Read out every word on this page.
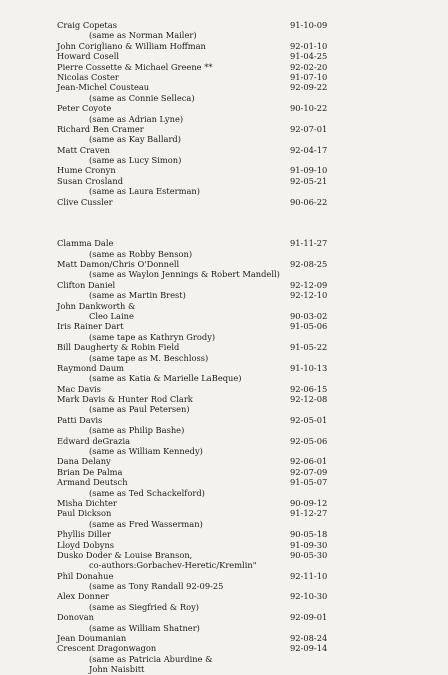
Craig Copetas	91-10-09
(same as Norman Mailer)
John Corigliano & William Hoffman	92-01-10
Howard Cosell	91-04-25
Pierre Cossette & Michael Greene **	92-02-20
Nicolas Coster	91-07-10
Jean-Michel Cousteau	92-09-22
(same as Connie Selleca)
Peter Coyote	90-10-22
(same as Adrian Lyne)
Richard Ben Cramer	92-07-01
(same as Kay Ballard)
Matt Craven	92-04-17
(same as Lucy Simon)
Hume Cronyn	91-09-10
Susan Crosland	92-05-21
(same as Laura Esterman)
Clive Cussler	90-06-22
Clamma Dale	91-11-27
(same as Robby Benson)
Matt Damon/Chris O'Donnell	92-08-25
(same as Waylon Jennings & Robert Mandell)
Clifton Daniel	92-12-09
(same as Martin Brest)	92-12-10
John Dankworth &
Cleo Laine	90-03-02
Iris Rainer Dart	91-05-06
(same tape as Kathryn Grody)
Bill Daugherty & Robin Field	91-05-22
(same tape as M. Beschloss)
Raymond Daum	91-10-13
(same as Katia & Marielle LaBeque)
Mac Davis	92-06-15
Mark Davis & Hunter Rod Clark	92-12-08
(same as Paul Petersen)
Patti Davis	92-05-01
(same as Philip Bashe)
Edward deGrazia	92-05-06
(same as William Kennedy)
Dana Delany	92-06-01
Brian De Palma	92-07-09
Armand Deutsch	91-05-07
(same as Ted Schackelford)
Misha Dichter	90-09-12
Paul Dickson	91-12-27
(same as Fred Wasserman)
Phyllis Diller	90-05-18
Lloyd Dobyns	91-09-30
Dusko Doder & Louise Branson,	90-05-30
co-authors:Gorbachev-Heretic/Kremlin"
Phil Donahue	92-11-10
(same as Tony Randall 92-09-25
Alex Donner	92-10-30
(same as Siegfried & Roy)
Donovan	92-09-01
(same as William Shatner)
Jean Doumanian	92-08-24
Crescent Dragonwagon	92-09-14
(same as Patricia Aburdine &
John Naisbitt
